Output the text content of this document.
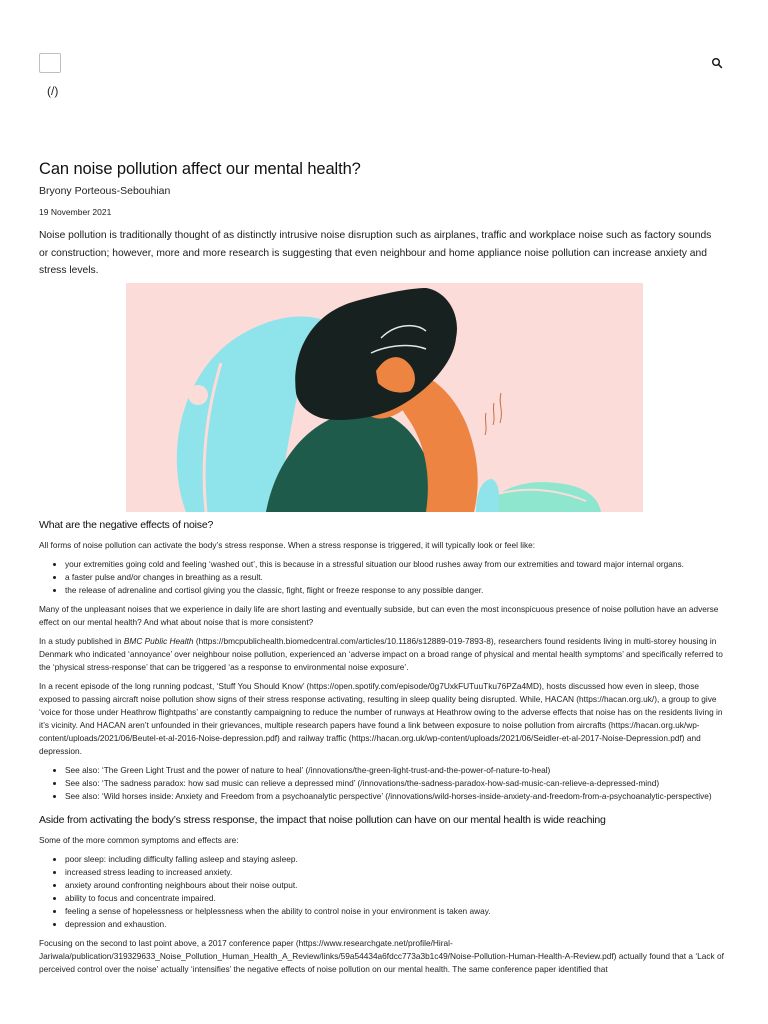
(/)
Can noise pollution affect our mental health?
Bryony Porteous-Sebouhian
19 November 2021

Noise pollution is traditionally thought of as distinctly intrusive noise disruption such as airplanes, traffic and workplace noise such as factory sounds or construction; however, more and more research is suggesting that even neighbour and home appliance noise pollution can increase anxiety and stress levels.

What are the negative effects of noise?

All forms of noise pollution can activate the body’s stress response. When a stress response is triggered, it will typically look or feel like:

• your extremities going cold and feeling ‘washed out’, this is because in a stressful situation our blood rushes away from our extremities and toward major internal organs.
• a faster pulse and/or changes in breathing as a result.
• the release of adrenaline and cortisol giving you the classic, fight, flight or freeze response to any possible danger.

Many of the unpleasant noises that we experience in daily life are short lasting and eventually subside, but can even the most inconspicuous presence of noise pollution have an adverse effect on our mental health? And what about noise that is more consistent?

In a study published in BMC Public Health (https://bmcpublichealth.biomedcentral.com/articles/10.1186/s12889-019-7893-8), researchers found residents living in multi-storey housing in Denmark who indicated ‘annoyance’ over neighbour noise pollution, experienced an ‘adverse impact on a broad range of physical and mental health symptoms’ and specifically referred to the ‘physical stress-response’ that can be triggered ‘as a response to environmental noise exposure’.

In a recent episode of the long running podcast, ‘Stuff You Should Know’ (https://open.spotify.com/episode/0g7UxkFUTuuTku76PZa4MD), hosts discussed how even in sleep, those exposed to passing aircraft noise pollution show signs of their stress response activating, resulting in sleep quality being disrupted. While, HACAN (https://hacan.org.uk/), a group to give ‘voice for those under Heathrow flightpaths’ are constantly campaigning to reduce the number of runways at Heathrow owing to the adverse effects that noise has on the residents living in it’s vicinity. And HACAN aren’t unfounded in their grievances, multiple research papers have found a link between exposure to noise pollution from aircrafts (https://hacan.org.uk/wp-content/uploads/2021/06/Beutel-et-al-2016-Noise-depression.pdf) and railway traffic (https://hacan.org.uk/wp-content/uploads/2021/06/Seidler-et-al-2017-Noise-Depression.pdf) and depression.

• See also: ‘The Green Light Trust and the power of nature to heal’ (/innovations/the-green-light-trust-and-the-power-of-nature-to-heal)
• See also: ‘The sadness paradox: how sad music can relieve a depressed mind’ (/innovations/the-sadness-paradox-how-sad-music-can-relieve-a-depressed-mind)
• See also: ‘Wild horses inside: Anxiety and Freedom from a psychoanalytic perspective’ (/innovations/wild-horses-inside-anxiety-and-freedom-from-a-psychoanalytic-perspective)
Aside from activating the body’s stress response, the impact that noise pollution can have on our mental health is wide reaching

Some of the more common symptoms and effects are:

• poor sleep: including difficulty falling asleep and staying asleep.
• increased stress leading to increased anxiety.
• anxiety around confronting neighbours about their noise output.
• ability to focus and concentrate impaired.
• feeling a sense of hopelessness or helplessness when the ability to control noise in your environment is taken away.
• depression and exhaustion.

Focusing on the second to last point above, a 2017 conference paper (https://www.researchgate.net/profile/Hiral-Jariwala/publication/319329633_Noise_Pollution_Human_Health_A_Review/links/59a54434a6fdcc773a3b1c49/Noise-Pollution-Human-Health-A-Review.pdf) actually found that a ‘Lack of perceived control over the noise’ actually ‘intensifies’ the negative effects of noise pollution on our mental health. The same conference paper identified that
